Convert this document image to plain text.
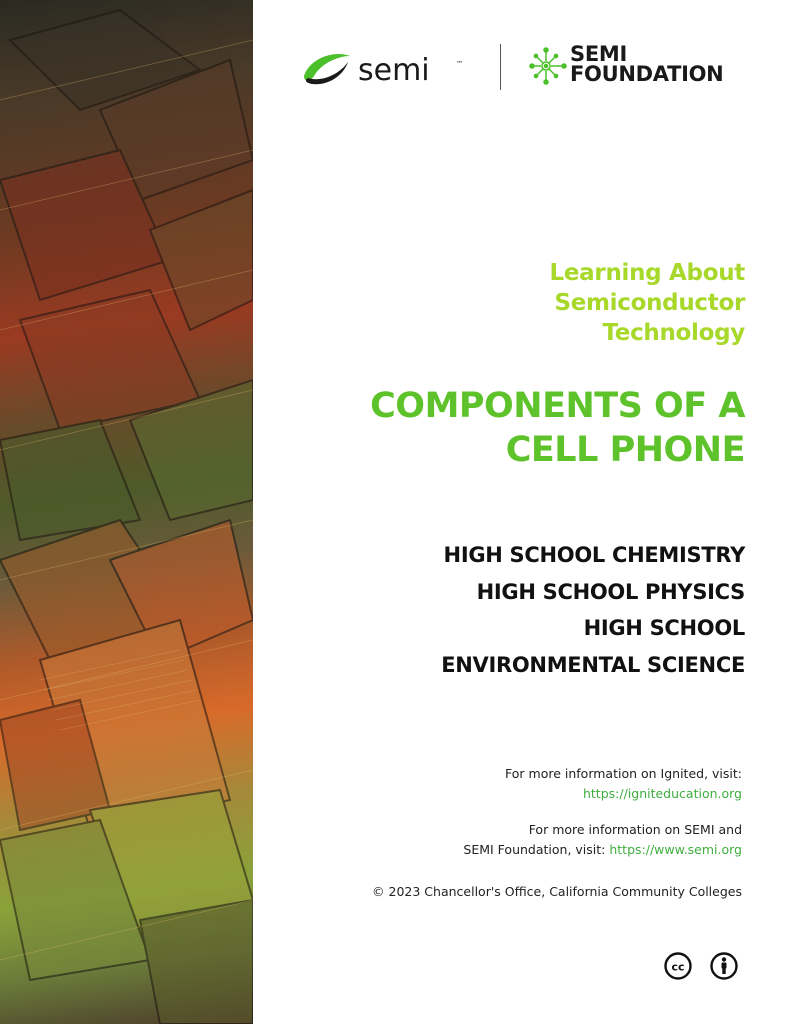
semi	™	SEMI
FOUNDATION
Learning About
Semiconductor
Technology
COMPONENTS OF A
CELL PHONE
HIGH SCHOOL CHEMISTRY
HIGH SCHOOL PHYSICS
HIGH SCHOOL
ENVIRONMENTAL SCIENCE
For more information on Ignited, visit:
https://igniteducation.org
For more information on SEMI and
SEMI Foundation, visit: https://www.semi.org
© 2023 Chancellor's Office, California Community Colleges
cc
